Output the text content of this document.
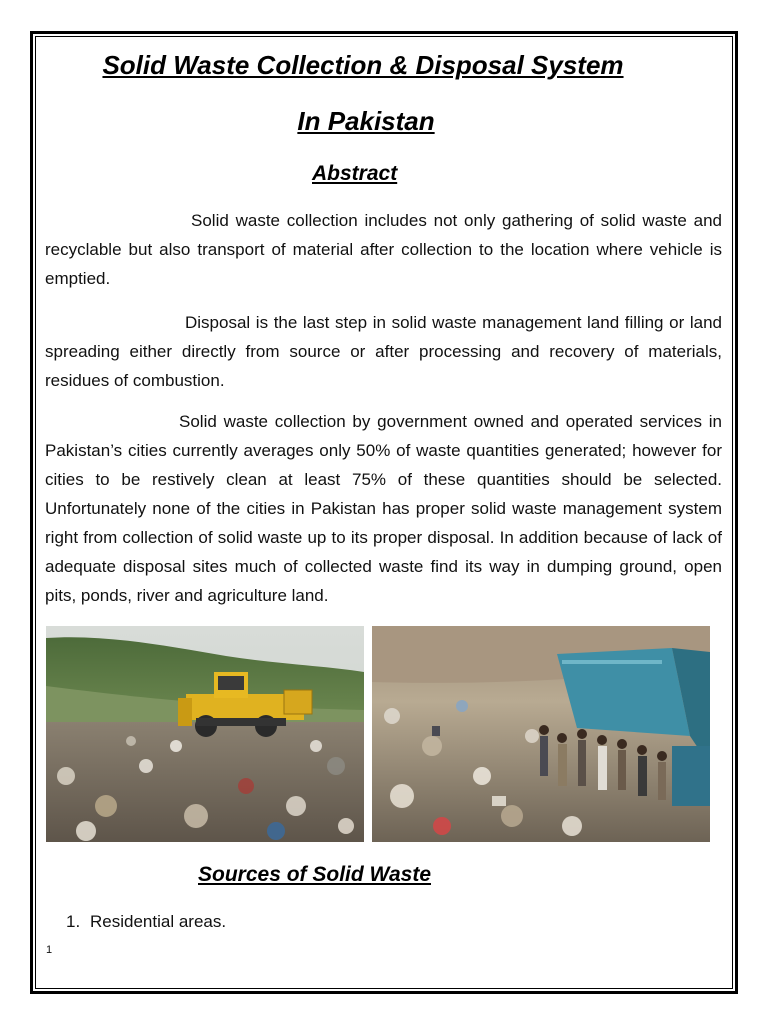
Solid Waste Collection & Disposal System
In Pakistan
Abstract

Solid waste collection includes not only gathering of solid waste and recyclable but also transport of material after collection to the location where vehicle is emptied.

Disposal is the last step in solid waste management land filling or land spreading either directly from source or after processing and recovery of materials, residues of combustion.

Solid waste collection by government owned and operated services in Pakistan’s cities currently averages only 50% of waste quantities generated; however for cities to be restively clean at least 75% of these quantities should be selected. Unfortunately none of the cities in Pakistan has proper solid waste management system right from collection of solid waste up to its proper disposal. In addition because of lack of adequate disposal sites much of collected waste find its way in dumping ground, open pits, ponds, river and agriculture land.

Sources of Solid Waste
1. Residential areas.
1
